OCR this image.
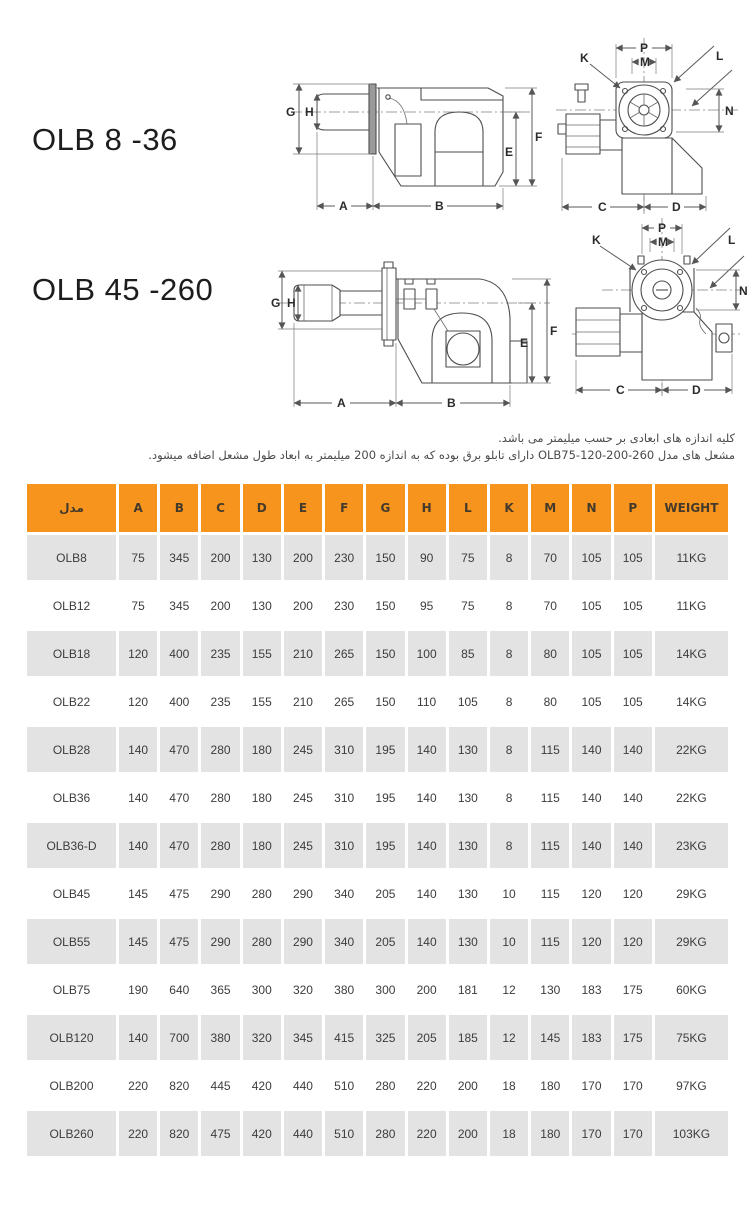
OLB 8 -36
OLB 45 -260
G H
F
E
A	B
P
M
K	L
N
C	D
G H
F
E
A	B
P
M
K	L
N
C	D
کلیه اندازه های ابعادی بر حسب میلیمتر می باشد.
مشعل های مدل OLB75-120-200-260 دارای تابلو برق بوده که به اندازه 200 میلیمتر به ابعاد طول مشعل اضافه میشود.
مدل	A	B	C	D	E	F	G	H	L	K	M	N	P	WEIGHT
OLB8	75	345	200	130	200	230	150	90	75	8	70	105	105	11KG
OLB12	75	345	200	130	200	230	150	95	75	8	70	105	105	11KG
OLB18	120	400	235	155	210	265	150	100	85	8	80	105	105	14KG
OLB22	120	400	235	155	210	265	150	110	105	8	80	105	105	14KG
OLB28	140	470	280	180	245	310	195	140	130	8	115	140	140	22KG
OLB36	140	470	280	180	245	310	195	140	130	8	115	140	140	22KG
OLB36-D	140	470	280	180	245	310	195	140	130	8	115	140	140	23KG
OLB45	145	475	290	280	290	340	205	140	130	10	115	120	120	29KG
OLB55	145	475	290	280	290	340	205	140	130	10	115	120	120	29KG
OLB75	190	640	365	300	320	380	300	200	181	12	130	183	175	60KG
OLB120	140	700	380	320	345	415	325	205	185	12	145	183	175	75KG
OLB200	220	820	445	420	440	510	280	220	200	18	180	170	170	97KG
OLB260	220	820	475	420	440	510	280	220	200	18	180	170	170	103KG
